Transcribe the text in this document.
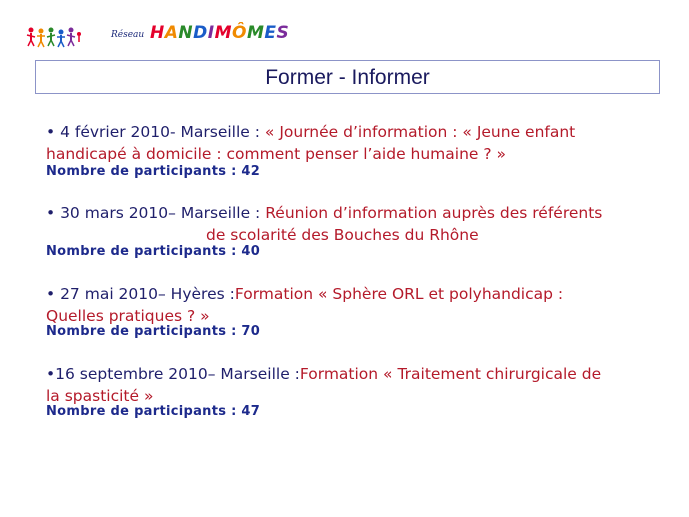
Réseau HANDIMÔMES
Former - Informer
• 4 février 2010- Marseille : « Journée d’information : « Jeune enfant
handicapé à domicile : comment penser l’aide humaine ? »
Nombre de participants : 42
• 30 mars 2010– Marseille : Réunion d’information auprès des référents
de scolarité des Bouches du Rhône
Nombre de participants : 40
• 27 mai 2010– Hyères :Formation « Sphère ORL et polyhandicap :
Quelles pratiques ? »
Nombre de participants : 70
•16 septembre 2010– Marseille :Formation « Traitement chirurgicale de
la spasticité »
Nombre de participants : 47
